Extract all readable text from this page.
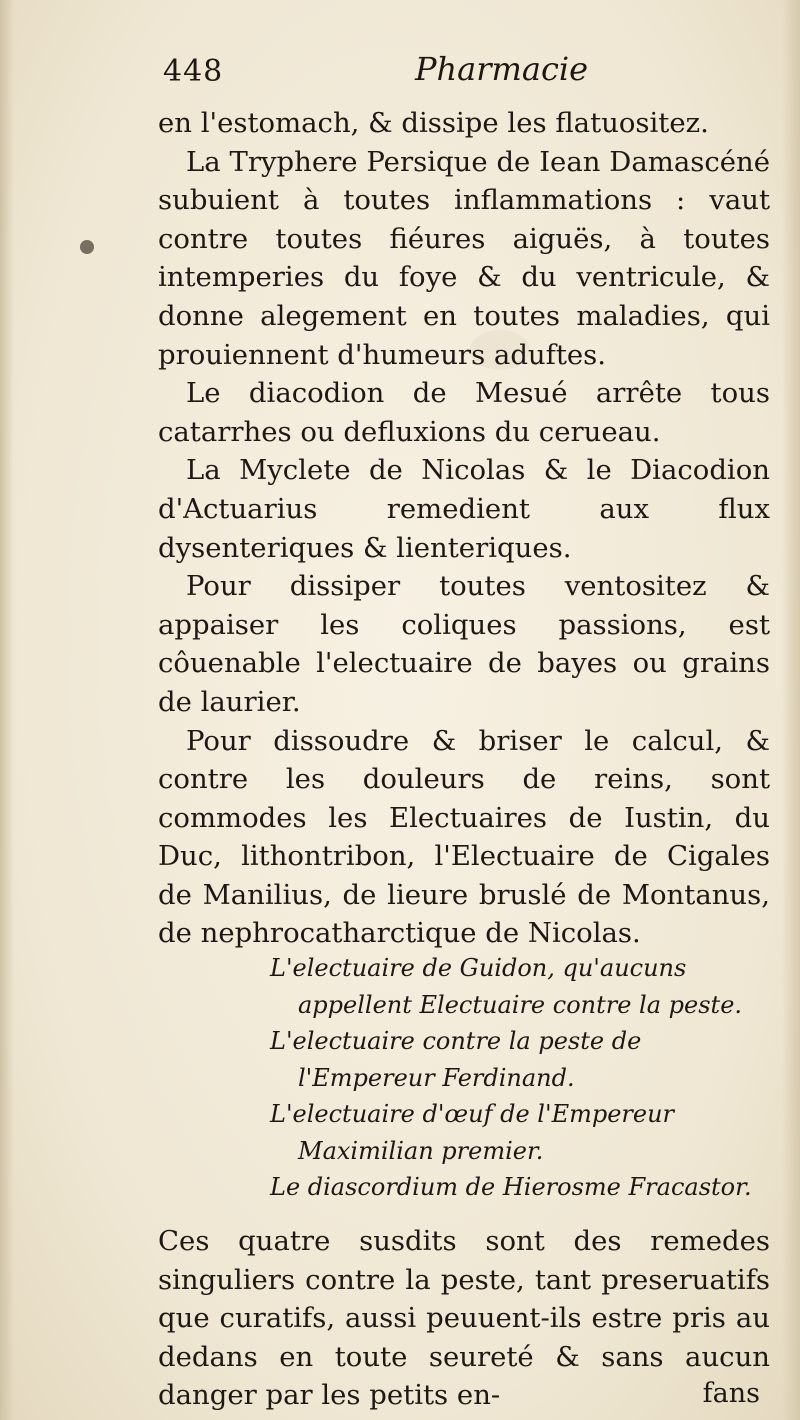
448	Pharmacie

en l'estomach, & dissipe les flatuositez.

La Tryphere Persique de Iean Damascéné subuient à toutes inflammations : vaut contre toutes fiéures aiguës, à toutes intemperies du foye & du ventricule, & donne alegement en toutes maladies, qui prouiennent d'humeurs aduftes.

Le diacodion de Mesué arrête tous catarrhes ou defluxions du cerueau.

La Myclete de Nicolas & le Diacodion d'Actuarius remedient aux flux dysenteriques & lienteriques.

Pour dissiper toutes ventositez & appaiser les coliques passions, est côuenable l'electuaire de bayes ou grains de laurier.

Pour dissoudre & briser le calcul, & contre les douleurs de reins, sont commodes les Electuaires de Iustin, du Duc, lithontribon, l'Electuaire de Cigales de Manilius, de lieure bruslé de Montanus, de nephrocatharctique de Nicolas.

L'electuaire de Guidon, qu'aucuns appellent Electuaire contre la peste.

L'electuaire contre la peste de l'Empereur Ferdinand.

L'electuaire d'œuf de l'Empereur Maximilian premier.

Le diascordium de Hierosme Fracastor.

Ces quatre susdits sont des remedes singuliers contre la peste, tant preseruatifs que curatifs, aussi peuuent-ils estre pris au dedans en toute seureté & sans aucun danger par les petits en-	fans
